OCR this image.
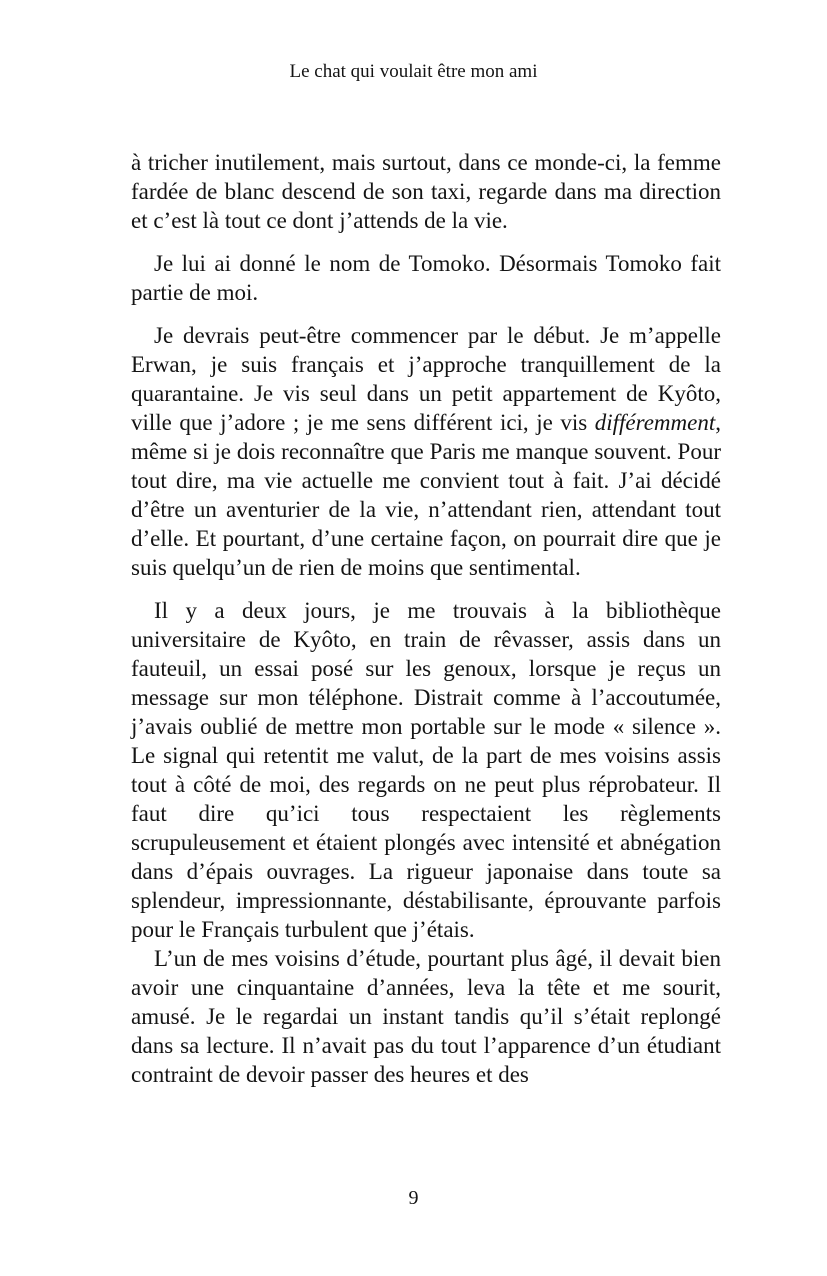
Le chat qui voulait être mon ami

à tricher inutilement, mais surtout, dans ce monde-ci, la femme fardée de blanc descend de son taxi, regarde dans ma direction et c’est là tout ce dont j’attends de la vie.

Je lui ai donné le nom de Tomoko. Désormais Tomoko fait partie de moi.

Je devrais peut-être commencer par le début. Je m’appelle Erwan, je suis français et j’approche tranquillement de la quarantaine. Je vis seul dans un petit appartement de Kyôto, ville que j’adore ; je me sens différent ici, je vis différemment, même si je dois reconnaître que Paris me manque souvent. Pour tout dire, ma vie actuelle me convient tout à fait. J’ai décidé d’être un aventurier de la vie, n’attendant rien, attendant tout d’elle. Et pourtant, d’une certaine façon, on pourrait dire que je suis quelqu’un de rien de moins que sentimental.

Il y a deux jours, je me trouvais à la bibliothèque universitaire de Kyôto, en train de rêvasser, assis dans un fauteuil, un essai posé sur les genoux, lorsque je reçus un message sur mon téléphone. Distrait comme à l’accoutumée, j’avais oublié de mettre mon portable sur le mode « silence ». Le signal qui retentit me valut, de la part de mes voisins assis tout à côté de moi, des regards on ne peut plus réprobateur. Il faut dire qu’ici tous respectaient les règlements scrupuleusement et étaient plongés avec intensité et abnégation dans d’épais ouvrages. La rigueur japonaise dans toute sa splendeur, impressionnante, déstabilisante, éprouvante parfois pour le Français turbulent que j’étais.

L’un de mes voisins d’étude, pourtant plus âgé, il devait bien avoir une cinquantaine d’années, leva la tête et me sourit, amusé. Je le regardai un instant tandis qu’il s’était replongé dans sa lecture. Il n’avait pas du tout l’apparence d’un étudiant contraint de devoir passer des heures et des

9
